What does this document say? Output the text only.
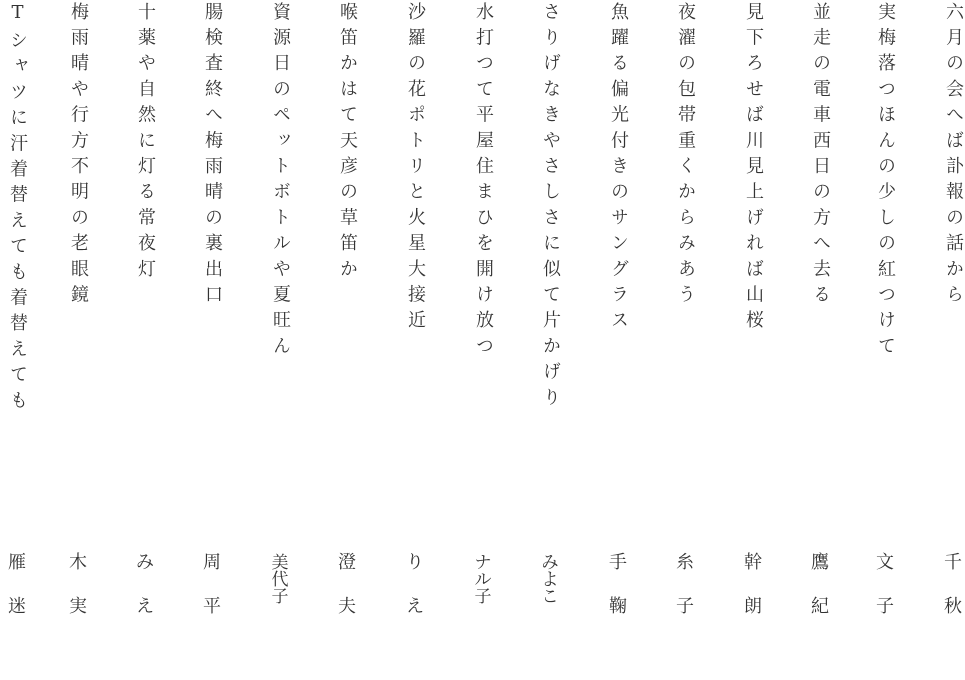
六月の会へば訃報の話から
千
秋
実梅落つほんの少しの紅つけて
文
子
並走の電車西日の方へ去る
鷹
紀
見下ろせば川見上げれば山桜
幹
朗
夜濯の包帯重くからみあう
糸
子
魚躍る偏光付きのサングラス
手
鞠
さりげなきやさしさに似て片かげり
み
よ
こ
水打つて平屋住まひを開け放つ
ナ
ル
子
沙羅の花ポトリと火星大接近
り
え
喉笛かはて天彦の草笛か
澄
夫
資源日のペットボトルや夏旺ん
美
代
子
腸検査終へ梅雨晴の裏出口
周
平
十薬や自然に灯る常夜灯
み
え
梅雨晴や行方不明の老眼鏡
木
実
Tシャツに汗着替えても着替えても
雁
迷
